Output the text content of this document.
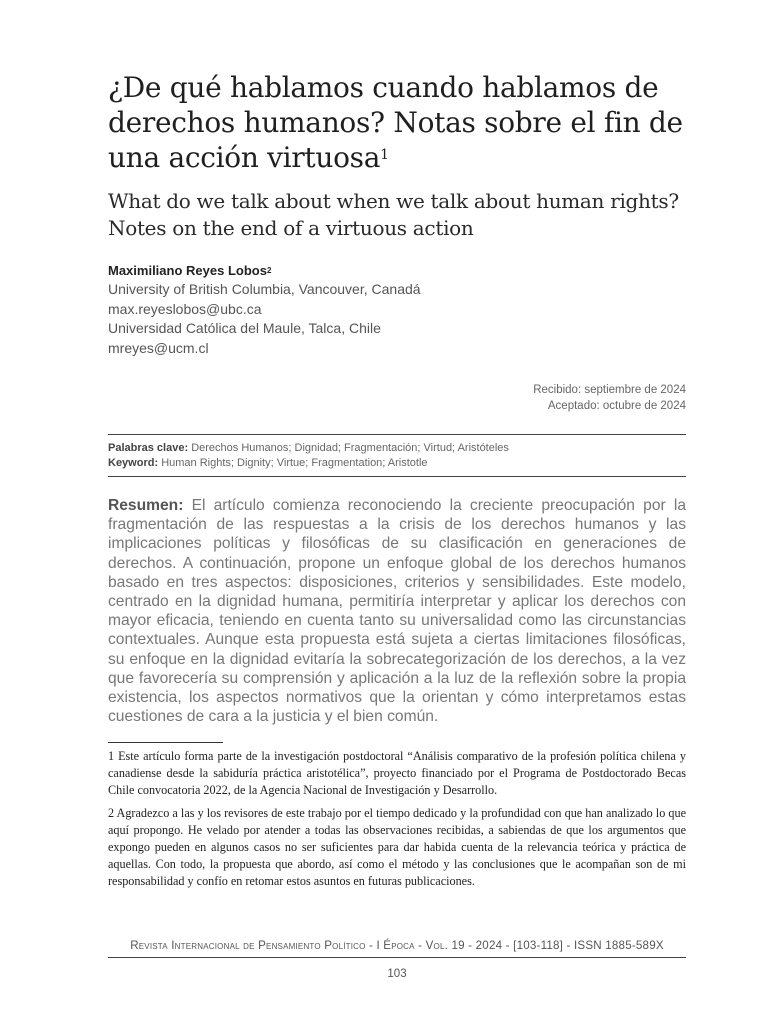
¿De qué hablamos cuando hablamos de derechos humanos? Notas sobre el fin de una acción virtuosa$^1$
What do we talk about when we talk about human rights? Notes on the end of a virtuous action
Maximiliano Reyes Lobos$^2$
University of British Columbia, Vancouver, Canadá
max.reyeslobos@ubc.ca
Universidad Católica del Maule, Talca, Chile
mreyes@ucm.cl
Recibido: septiembre de 2024
Aceptado: octubre de 2024
Palabras clave: Derechos Humanos; Dignidad; Fragmentación; Virtud; Aristóteles
Keyword: Human Rights; Dignity; Virtue; Fragmentation; Aristotle
Resumen: El artículo comienza reconociendo la creciente preocupación por la fragmentación de las respuestas a la crisis de los derechos humanos y las implicaciones políticas y filosóficas de su clasificación en generaciones de derechos. A continuación, propone un enfoque global de los derechos humanos basado en tres aspectos: disposiciones, criterios y sensibilidades. Este modelo, centrado en la dignidad humana, permitiría interpretar y aplicar los derechos con mayor eficacia, teniendo en cuenta tanto su universalidad como las circunstancias contextuales. Aunque esta propuesta está sujeta a ciertas limitaciones filosóficas, su enfoque en la dignidad evitaría la sobrecategorización de los derechos, a la vez que favorecería su comprensión y aplicación a la luz de la reflexión sobre la propia existencia, los aspectos normativos que la orientan y cómo interpretamos estas cuestiones de cara a la justicia y el bien común.

1 Este artículo forma parte de la investigación postdoctoral “Análisis comparativo de la profesión política chilena y canadiense desde la sabiduría práctica aristotélica”, proyecto financiado por el Programa de Postdoctorado Becas Chile convocatoria 2022, de la Agencia Nacional de Investigación y Desarrollo.

2 Agradezco a las y los revisores de este trabajo por el tiempo dedicado y la profundidad con que han analizado lo que aquí propongo. He velado por atender a todas las observaciones recibidas, a sabiendas de que los argumentos que expongo pueden en algunos casos no ser suficientes para dar habida cuenta de la relevancia teórica y práctica de aquellas. Con todo, la propuesta que abordo, así como el método y las conclusiones que le acompañan son de mi responsabilidad y confío en retomar estos asuntos en futuras publicaciones.

Revista Internacional de Pensamiento Político - I Época - Vol. 19 - 2024 - [103-118] - ISSN 1885-589X
103
